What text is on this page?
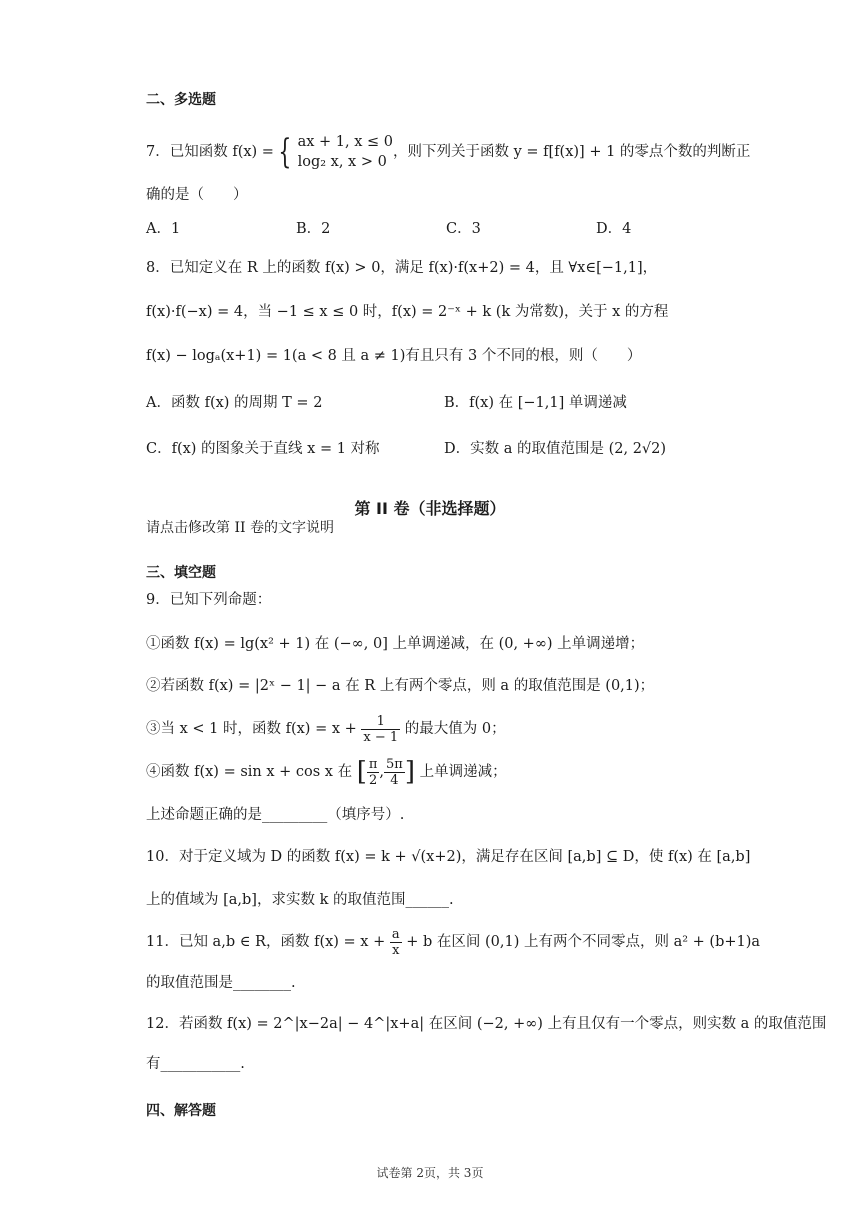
二、多选题
7．已知函数 f(x) = { ax + 1, x ≤ 0
log₂ x, x > 0
，则下列关于函数 y = f[f(x)] + 1 的零点个数的判断正
确的是（　　）
A．1	B．2	C．3	D．4
8．已知定义在 R 上的函数 f(x) > 0，满足 f(x)·f(x+2) = 4，且 ∀x∈[−1,1]，
f(x)·f(−x) = 4，当 −1 ≤ x ≤ 0 时，f(x) = 2⁻ˣ + k (k 为常数)，关于 x 的方程
f(x) − logₐ(x+1) = 1(a < 8 且 a ≠ 1)有且只有 3 个不同的根，则（　　）
A．函数 f(x) 的周期 T = 2	B．f(x) 在 [−1,1] 单调递减
C．f(x) 的图象关于直线 x = 1 对称	D．实数 a 的取值范围是 (2, 2√2)
第 II 卷（非选择题）
请点击修改第 II 卷的文字说明
三、填空题
9．已知下列命题：
①函数 f(x) = lg(x² + 1) 在 (−∞, 0] 上单调递减，在 (0, +∞) 上单调递增；
②若函数 f(x) = |2ˣ − 1| − a 在 R 上有两个零点，则 a 的取值范围是 (0,1)；
③当 x < 1 时，函数 $f(x) = x + \frac{1}{x - 1}$ 的最大值为 0；
④函数 f(x) = sin x + cos x 在 [ $\frac{\pi}{2}$ , $\frac{5\pi}{4}$ ] 上单调递减；
上述命题正确的是_________（填序号）.
10．对于定义域为 D 的函数 f(x) = k + √(x+2)，满足存在区间 [a,b] ⊆ D，使 f(x) 在 [a,b]
上的值域为 [a,b]，求实数 k 的取值范围______.
11．已知 a,b ∈ R，函数 $f(x) = x + \frac{a}{x} + b$ 在区间 (0,1) 上有两个不同零点，则 a² + (b+1)a
的取值范围是________.
12．若函数 f(x) = 2^|x−2a| − 4^|x+a| 在区间 (−2, +∞) 上有且仅有一个零点，则实数 a 的取值范围
有___________.
四、解答题
试卷第 2页，共 3页
